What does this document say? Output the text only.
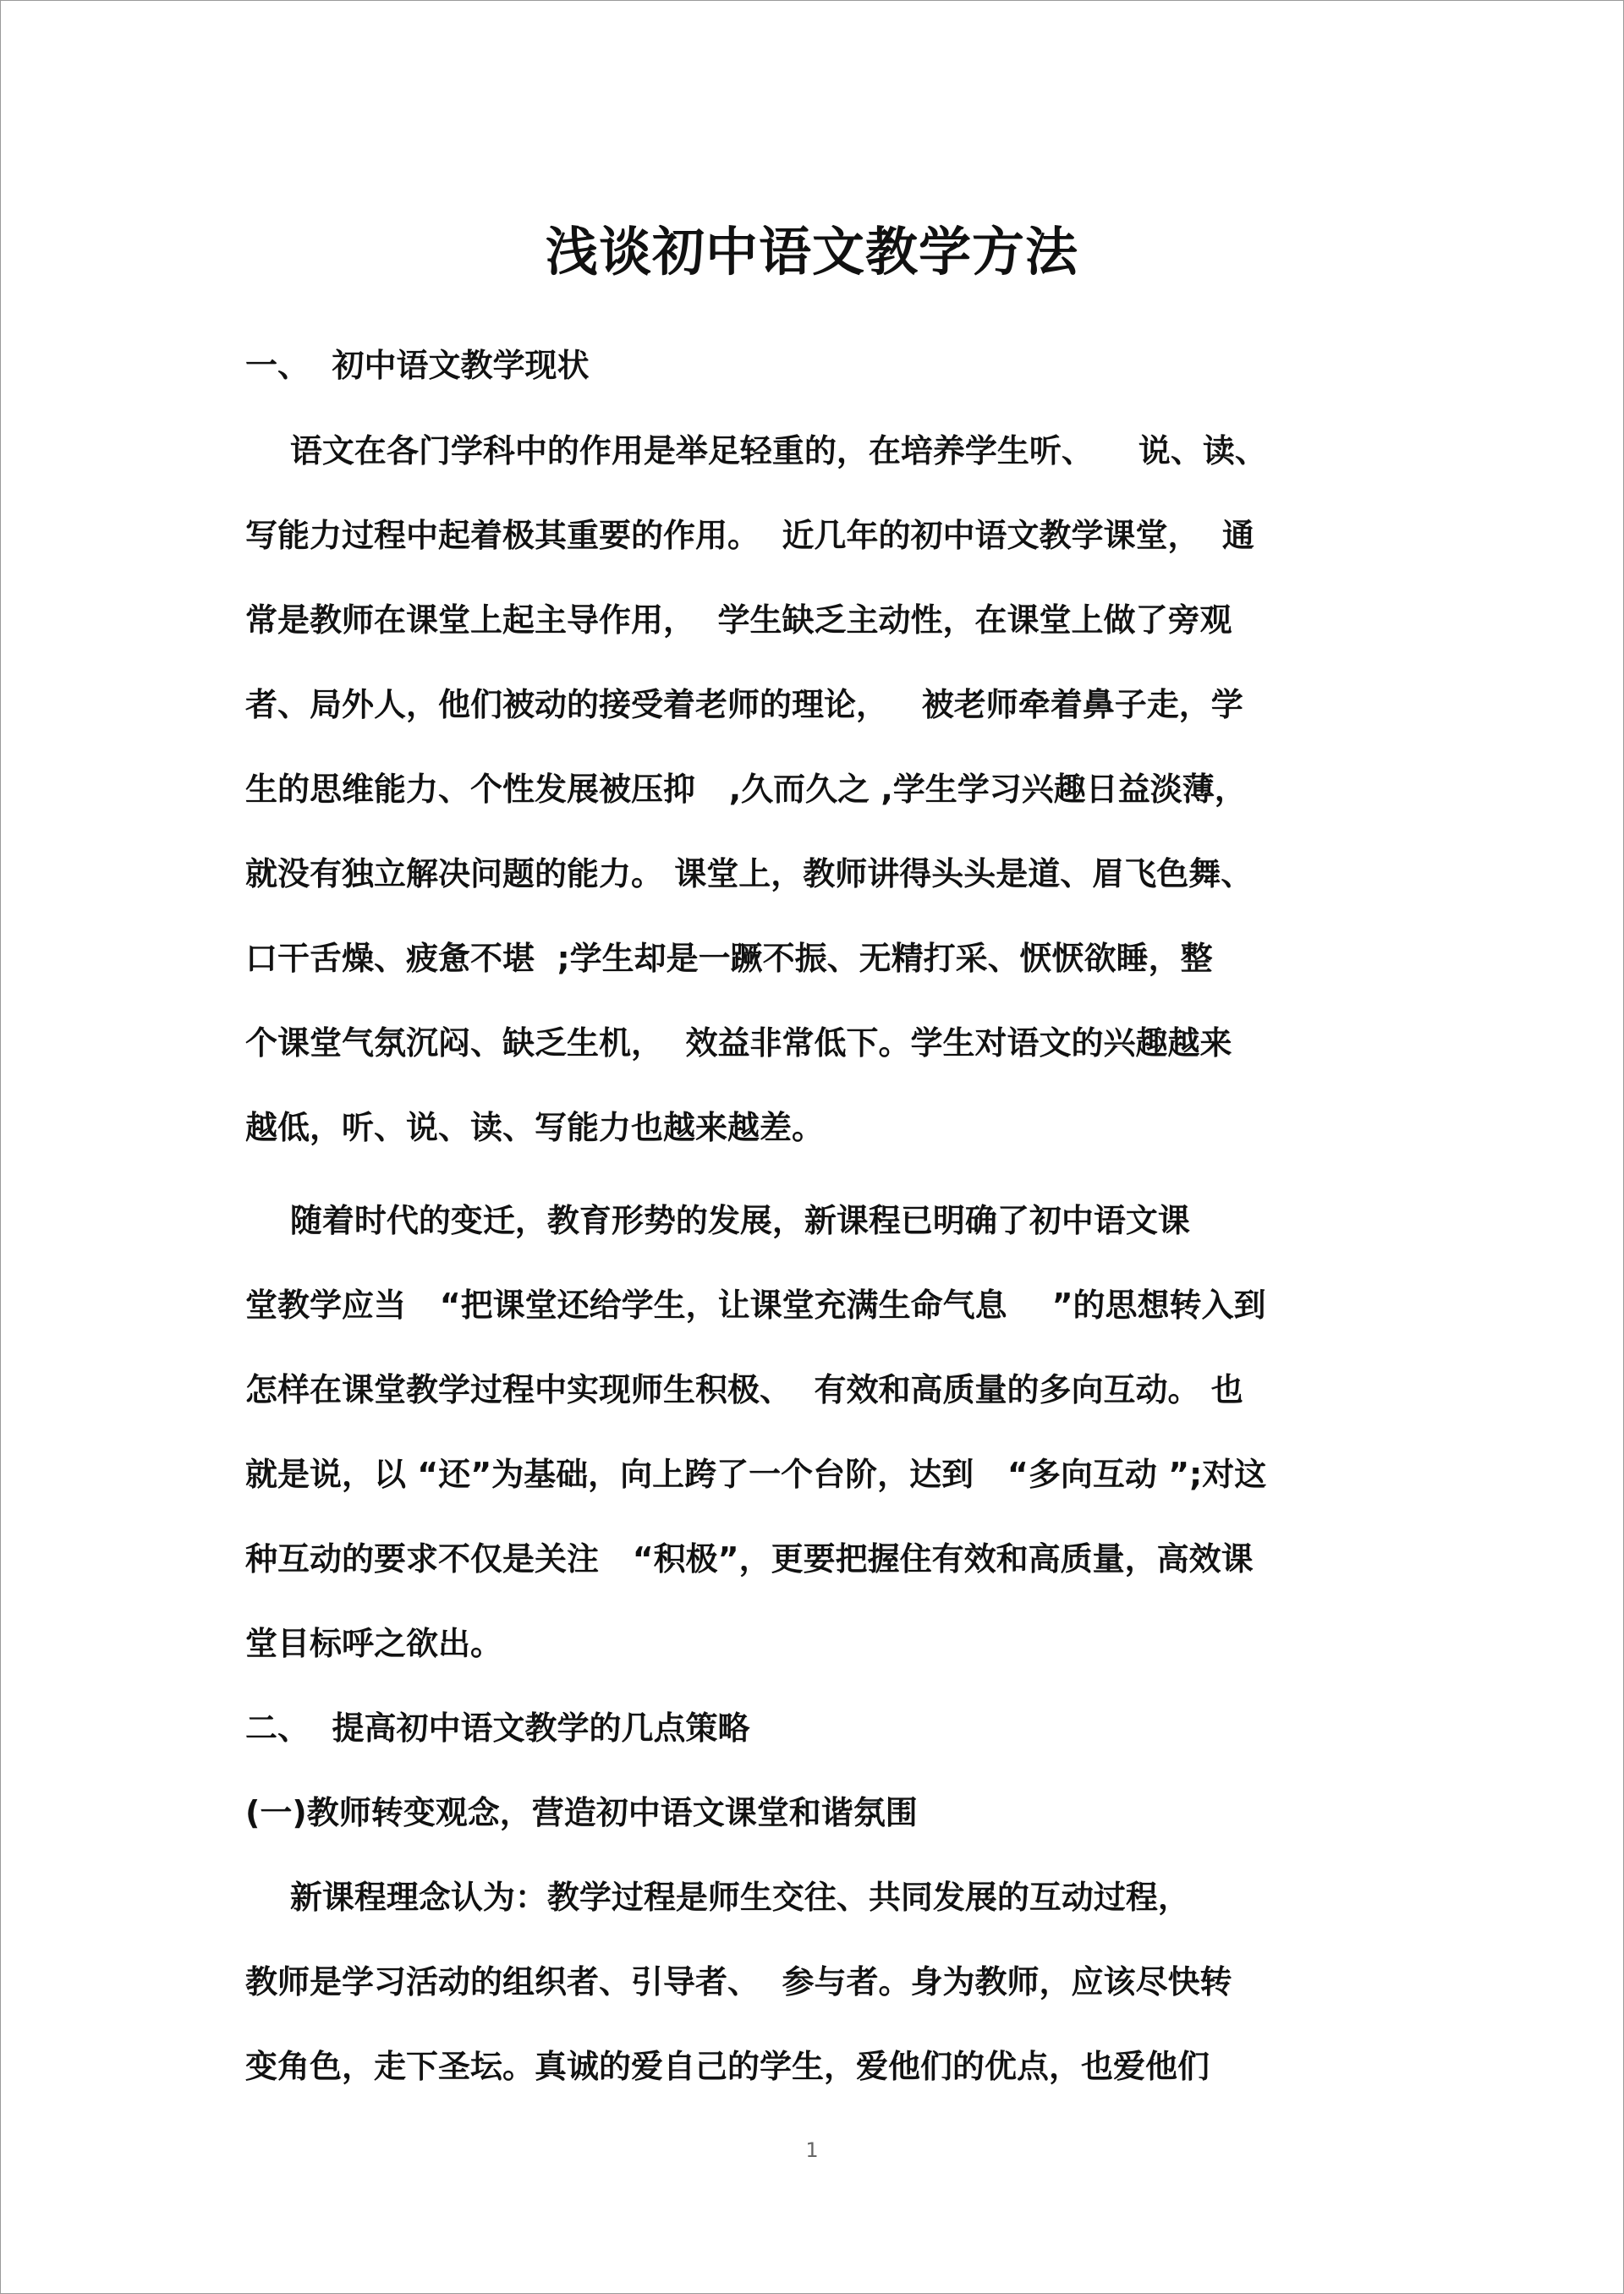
浅谈初中语文教学方法
一、  初中语文教学现状
语文在各门学科中的作用是举足轻重的，在培养学生听、    说、读、
写能力过程中起着极其重要的作用。  近几年的初中语文教学课堂，  通
常是教师在课堂上起主导作用，  学生缺乏主动性，在课堂上做了旁观
者、局外人，他们被动的接受着老师的理论，   被老师牵着鼻子走，学
生的思维能力、个性发展被压抑   ,久而久之 ,学生学习兴趣日益淡薄，
就没有独立解决问题的能力。 课堂上，教师讲得头头是道、眉飞色舞、
口干舌燥、疲惫不堪  ;学生却是一蹶不振、无精打采、恹恹欲睡，整
个课堂气氛沉闷、缺乏生机，  效益非常低下。学生对语文的兴趣越来
越低，听、说、读、写能力也越来越差。
随着时代的变迁，教育形势的发展，新课程已明确了初中语文课
堂教学应当   “把课堂还给学生，让课堂充满生命气息    ”的思想转入到
怎样在课堂教学过程中实现师生积极、  有效和高质量的多向互动。 也
就是说，以 “还”为基础，向上跨了一个台阶，达到   “多向互动 ”;对这
种互动的要求不仅是关注   “积极”，更要把握住有效和高质量，高效课
堂目标呼之欲出。
二、  提高初中语文教学的几点策略
(一)教师转变观念，营造初中语文课堂和谐氛围
新课程理念认为：教学过程是师生交往、共同发展的互动过程，
教师是学习活动的组织者、引导者、  参与者。身为教师，应该尽快转
变角色，走下圣坛。真诚的爱自己的学生，爱他们的优点，也爱他们
1
